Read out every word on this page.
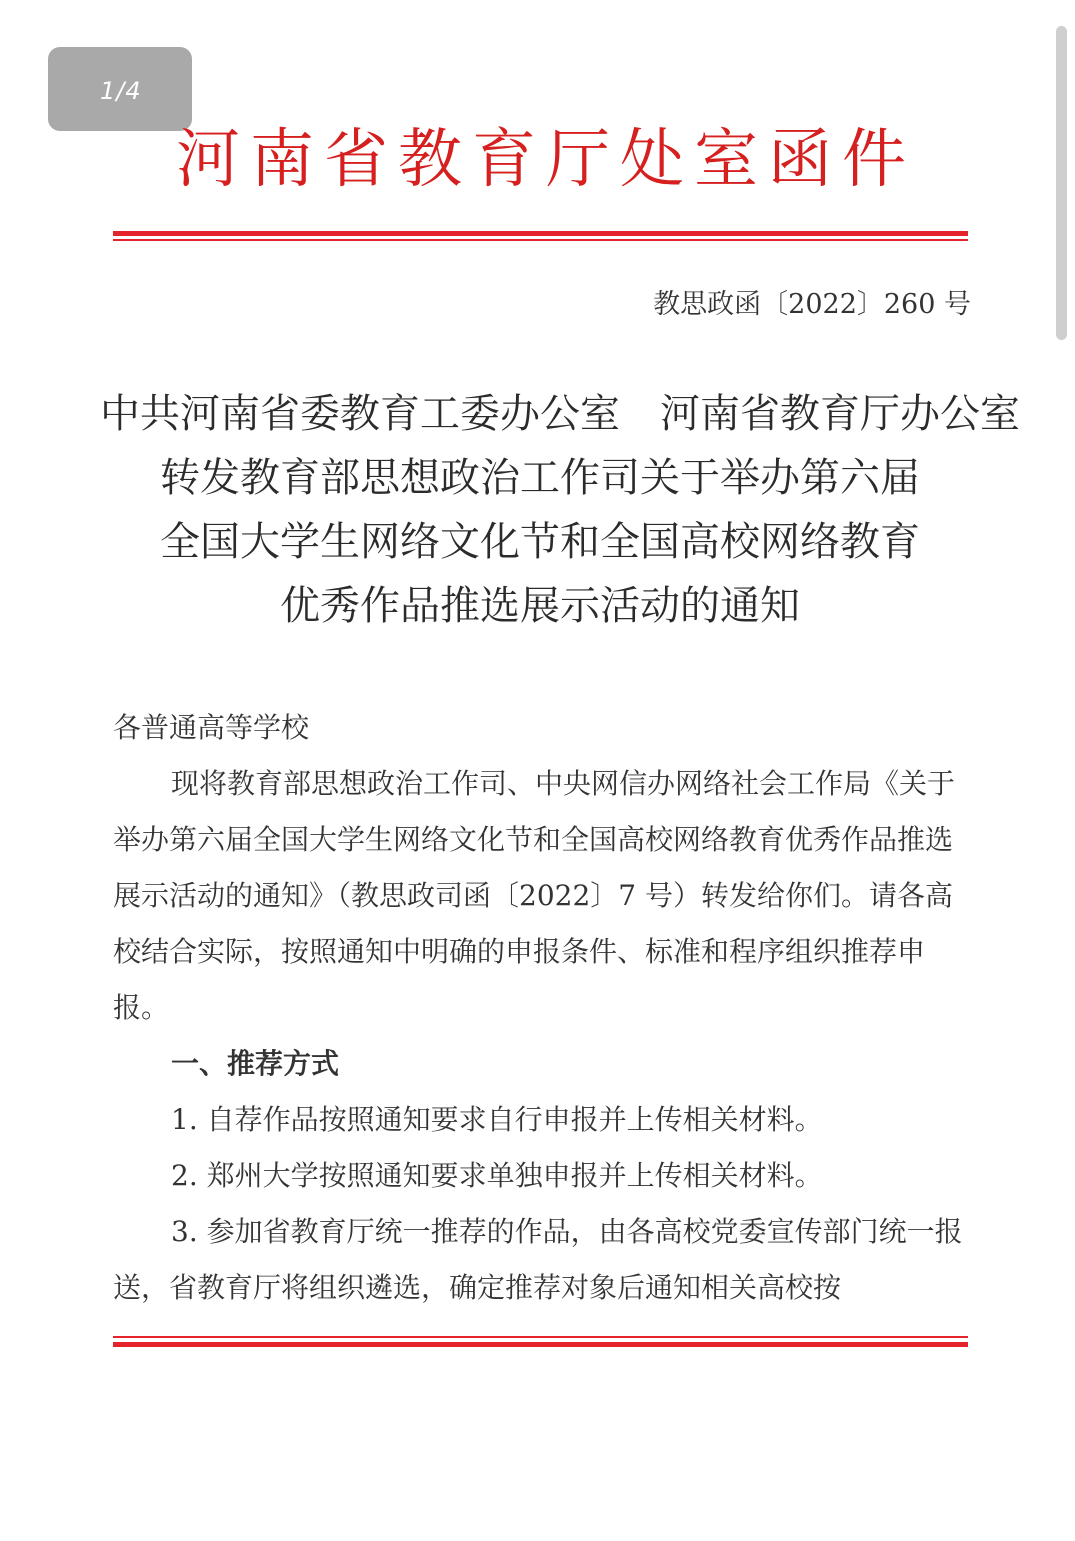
1/4
河南省教育厅处室函件
教思政函〔2022〕260 号
中共河南省委教育工委办公室　河南省教育厅办公室
转发教育部思想政治工作司关于举办第六届
全国大学生网络文化节和全国高校网络教育
优秀作品推选展示活动的通知

各普通高等学校

现将教育部思想政治工作司、中央网信办网络社会工作局《关于举办第六届全国大学生网络文化节和全国高校网络教育优秀作品推选展示活动的通知》（教思政司函〔2022〕7 号）转发给你们。请各高校结合实际，按照通知中明确的申报条件、标准和程序组织推荐申报。

一、推荐方式

1. 自荐作品按照通知要求自行申报并上传相关材料。

2. 郑州大学按照通知要求单独申报并上传相关材料。

3. 参加省教育厅统一推荐的作品，由各高校党委宣传部门统一报送，省教育厅将组织遴选，确定推荐对象后通知相关高校按
